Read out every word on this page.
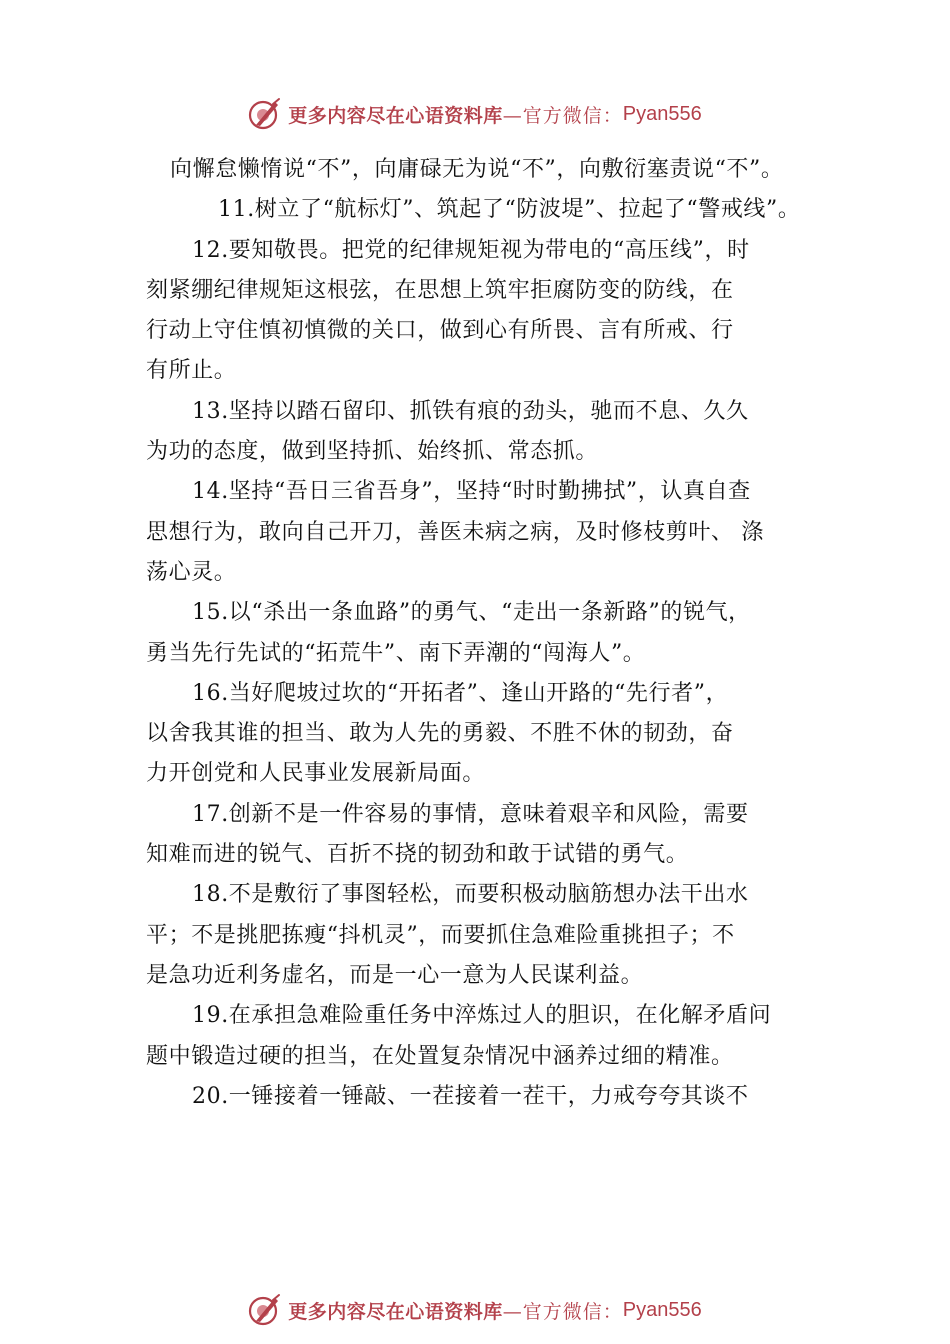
更多内容尽在心语资料库 —官方微信： Pyan556
向懈怠懒惰说“不”，向庸碌无为说“不”，向敷衍塞责说“不”。
11.树立了“航标灯”、筑起了“防波堤”、拉起了“警戒线”。
12.要知敬畏。把党的纪律规矩视为带电的“高压线”，时
刻紧绷纪律规矩这根弦，在思想上筑牢拒腐防变的防线，在
行动上守住慎初慎微的关口，做到心有所畏、言有所戒、行
有所止。
13.坚持以踏石留印、抓铁有痕的劲头，驰而不息、久久
为功的态度，做到坚持抓、始终抓、常态抓。
14.坚持“吾日三省吾身”，坚持“时时勤拂拭”，认真自查
思想行为，敢向自己开刀，善医未病之病，及时修枝剪叶、 涤
荡心灵。
15.以“杀出一条血路”的勇气、“走出一条新路”的锐气，
勇当先行先试的“拓荒牛”、南下弄潮的“闯海人”。
16.当好爬坡过坎的“开拓者”、逢山开路的“先行者”，
以舍我其谁的担当、敢为人先的勇毅、不胜不休的韧劲，奋
力开创党和人民事业发展新局面。
17.创新不是一件容易的事情，意味着艰辛和风险，需要
知难而进的锐气、百折不挠的韧劲和敢于试错的勇气。
18.不是敷衍了事图轻松，而要积极动脑筋想办法干出水
平；不是挑肥拣瘦“抖机灵”，而要抓住急难险重挑担子；不
是急功近利务虚名，而是一心一意为人民谋利益。
19.在承担急难险重任务中淬炼过人的胆识，在化解矛盾问
题中锻造过硬的担当，在处置复杂情况中涵养过细的精准。
20.一锤接着一锤敲、一茬接着一茬干，力戒夸夸其谈不
更多内容尽在心语资料库 —官方微信： Pyan556
